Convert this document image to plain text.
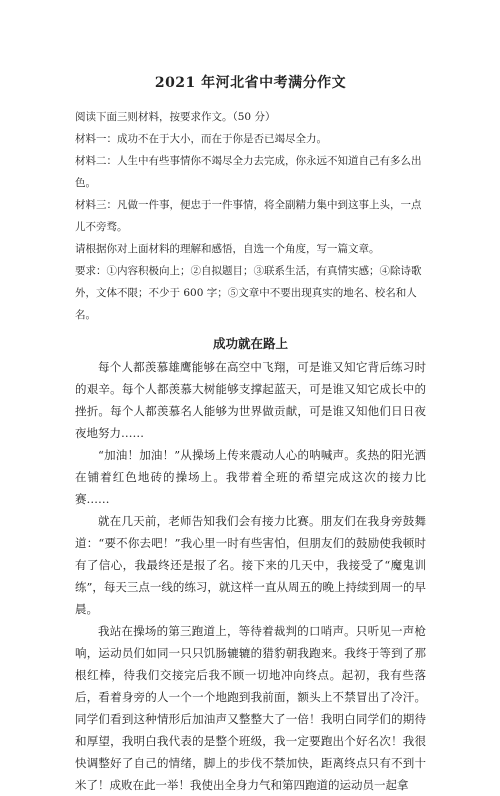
2021 年河北省中考满分作文

阅读下面三则材料，按要求作文。（50 分）

材料一：成功不在于大小，而在于你是否已竭尽全力。

材料二：人生中有些事情你不竭尽全力去完成，你永远不知道自己有多么出色。

材料三：凡做一件事，便忠于一件事情，将全副精力集中到这事上头，一点儿不旁骛。

请根据你对上面材料的理解和感悟，自选一个角度，写一篇文章。

要求：①内容积极向上；②自拟题目；③联系生活，有真情实感；④除诗歌外，文体不限；不少于 600 字；⑤文章中不要出现真实的地名、校名和人名。

成功就在路上

每个人都羡慕雄鹰能够在高空中飞翔，可是谁又知它背后练习时的艰辛。每个人都羡慕大树能够支撑起蓝天，可是谁又知它成长中的挫折。每个人都羡慕名人能够为世界做贡献，可是谁又知他们日日夜夜地努力……

“加油！加油！”从操场上传来震动人心的呐喊声。炙热的阳光洒在铺着红色地砖的操场上。我带着全班的希望完成这次的接力比赛……

就在几天前，老师告知我们会有接力比赛。朋友们在我身旁鼓舞道：“要不你去吧！”我心里一时有些害怕，但朋友们的鼓励使我顿时有了信心，我最终还是报了名。接下来的几天中，我接受了“魔鬼训练”，每天三点一线的练习，就这样一直从周五的晚上持续到周一的早晨。

我站在操场的第三跑道上，等待着裁判的口哨声。只听见一声枪响，运动员们如同一只只饥肠辘辘的猎豹朝我跑来。我终于等到了那根红棒，待我们交接完后我不顾一切地冲向终点。起初，我有些落后，看着身旁的人一个一个地跑到我前面，额头上不禁冒出了冷汗。同学们看到这种情形后加油声又整整大了一倍！我明白同学们的期待和厚望，我明白我代表的是整个班级，我一定要跑出个好名次！我很快调整好了自己的情绪，脚上的步伐不禁加快，距离终点只有不到十米了！成败在此一举！我使出全身力气和第四跑道的运动员一起拿
